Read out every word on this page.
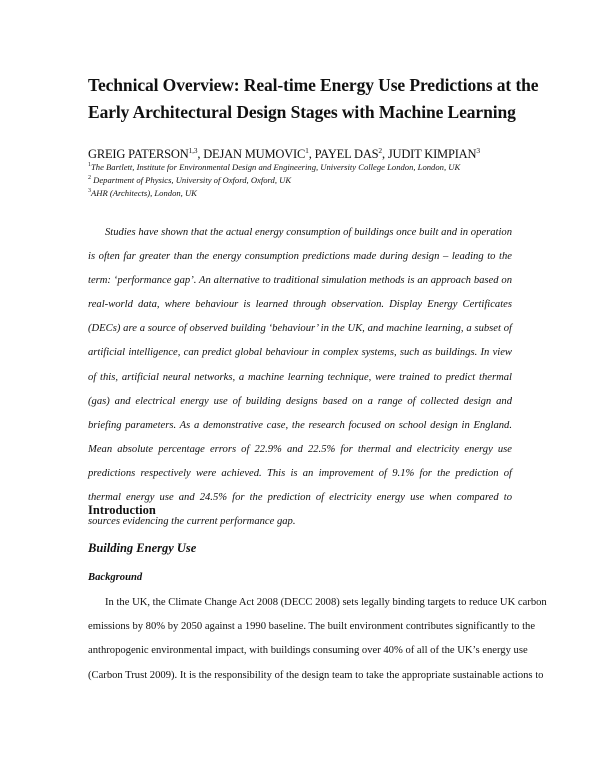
Technical Overview: Real-time Energy Use Predictions at the
Early Architectural Design Stages with Machine Learning
GREIG PATERSON$^{1,3}$, DEJAN MUMOVIC$^1$, PAYEL DAS$^2$, JUDIT KIMPIAN$^3$
$^1$The Bartlett, Institute for Environmental Design and Engineering, University College London, London, UK
$^2$ Department of Physics, University of Oxford, Oxford, UK
$^3$AHR (Architects), London, UK

Studies have shown that the actual energy consumption of buildings once built and in operation is often far greater than the energy consumption predictions made during design – leading to the term: ‘performance gap’. An alternative to traditional simulation methods is an approach based on real-world data, where behaviour is learned through observation. Display Energy Certificates (DECs) are a source of observed building ‘behaviour’ in the UK, and machine learning, a subset of artificial intelligence, can predict global behaviour in complex systems, such as buildings. In view of this, artificial neural networks, a machine learning technique, were trained to predict thermal (gas) and electrical energy use of building designs based on a range of collected design and briefing parameters. As a demonstrative case, the research focused on school design in England. Mean absolute percentage errors of 22.9% and 22.5% for thermal and electricity energy use predictions respectively were achieved. This is an improvement of 9.1% for the prediction of thermal energy use and 24.5% for the prediction of electricity energy use when compared to sources evidencing the current performance gap.

Introduction
Building Energy Use
Background
In the UK, the Climate Change Act 2008 (DECC 2008) sets legally binding targets to reduce UK carbon
emissions by 80% by 2050 against a 1990 baseline. The built environment contributes significantly to the
anthropogenic environmental impact, with buildings consuming over 40% of all of the UK’s energy use
(Carbon Trust 2009). It is the responsibility of the design team to take the appropriate sustainable actions to
